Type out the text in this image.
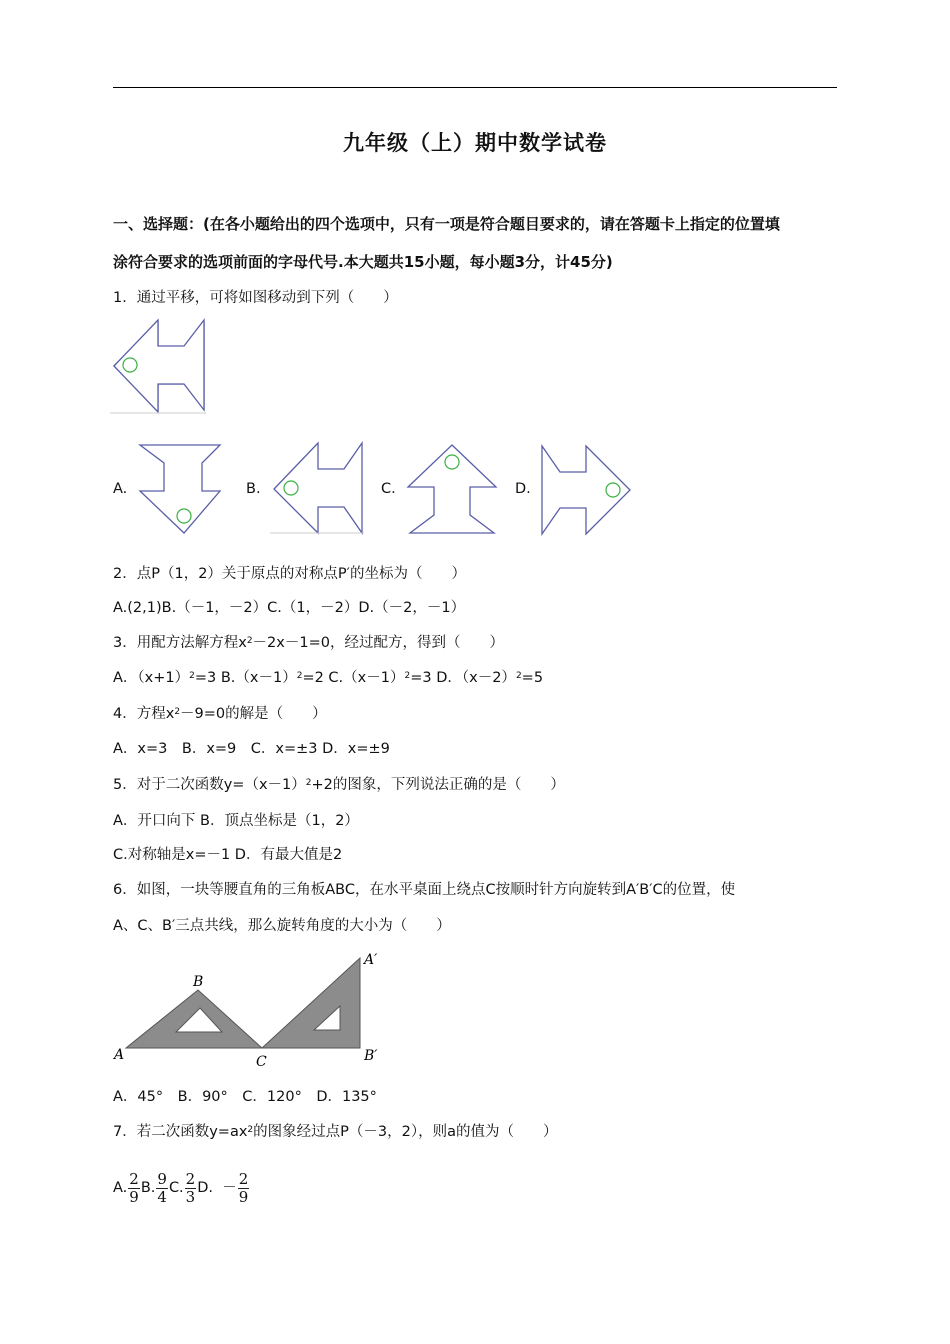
九年级（上）期中数学试卷
一、选择题：(在各小题给出的四个选项中，只有一项是符合题目要求的，请在答题卡上指定的位置填
涂符合要求的选项前面的字母代号.本大题共15小题，每小题3分，计45分)
1．通过平移，可将如图移动到下列（　　）
A.	B.	C.	D.
2．点P（1，2）关于原点的对称点P′的坐标为（　　）
A.(2,1)B.（－1，－2）C.（1，－2）D.（－2，－1）
3．用配方法解方程$x^2-2x-1=0$，经过配方，得到（　　）
A．$(x+1)^2=3$ $B.(x-1)^2=2$ $C.(x-1)^2=3$ D．$(x-2)^2=5$
4．方程$x^2-9=0$的解是（　　）
A．x=3　B．x=9　C．x=±3 D．x=±9
5．对于二次函数$y=(x-1)^2+2$的图象，下列说法正确的是（　　）
A．开口向下 B．顶点坐标是（1，2）
C.对称轴是x=－1 D．有最大值是2
6．如图，一块等腰直角的三角板ABC，在水平桌面上绕点C按顺时针方向旋转到A′B′C的位置，使
A、C、B′三点共线，那么旋转角度的大小为（　　）
A
B
C
A′
B′
A．45°　B．90°　C．120°　D．135°
7．若二次函数$y=ax^2$的图象经过点P（－3，2），则a的值为（　　）
A. $\frac{2}{9} B$. $\frac{9}{4} C$. $\frac{2}{3} D$. － $\frac{2}{9}$
